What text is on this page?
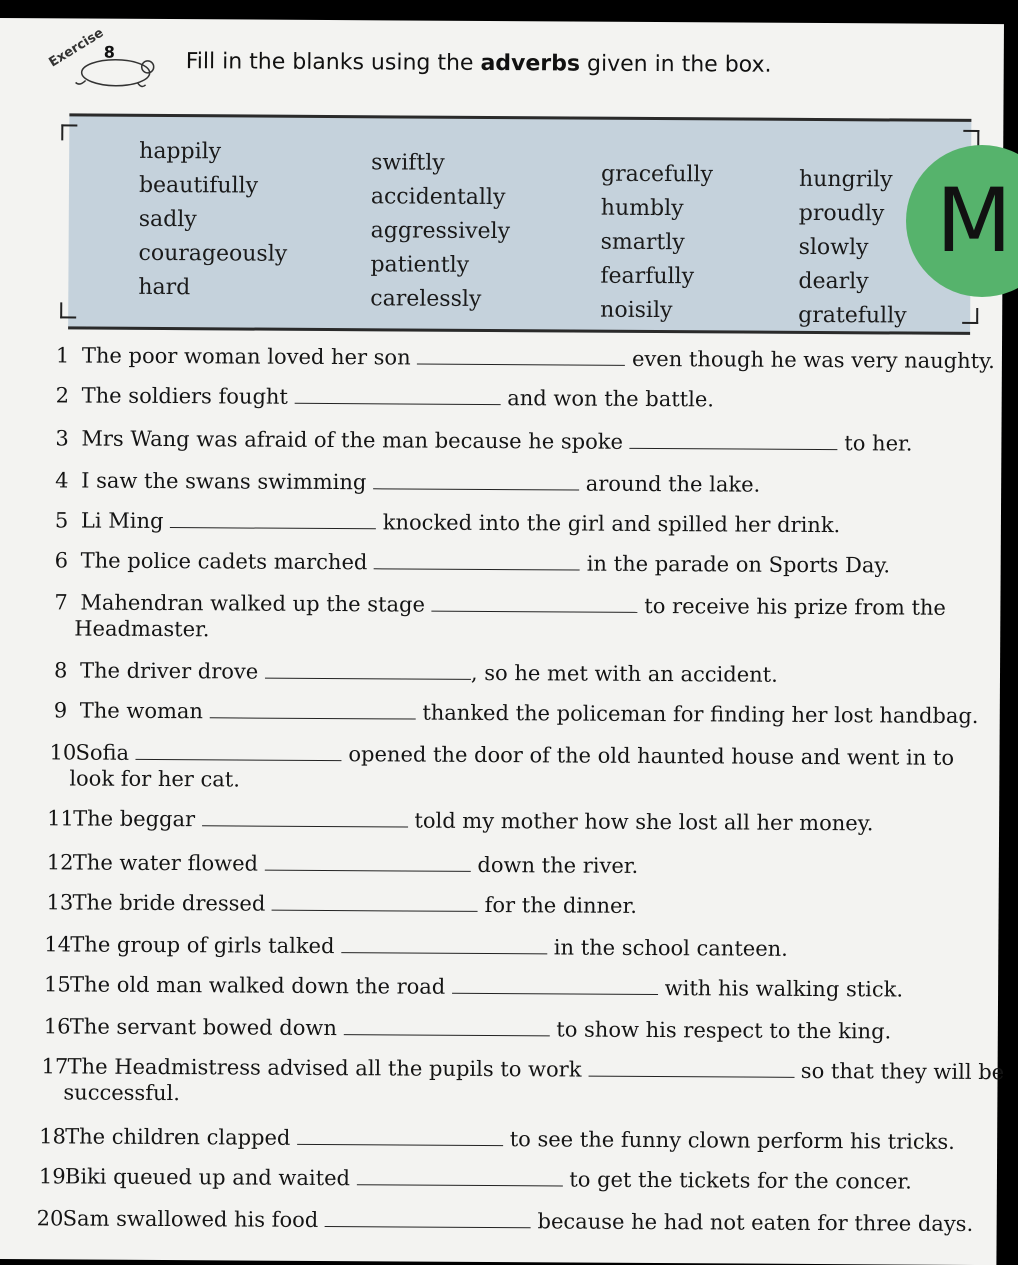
Exercise
8	Fill in the blanks using the adverbs given in the box.
happily
beautifully
sadly
courageously
hard
swiftly
accidentally
aggressively
patiently
carelessly
gracefully
humbly
smartly
fearfully
noisily
hungrily
proudly
slowly
dearly
gratefully
1 The poor woman loved her son	even though he was very naughty.
2 The soldiers fought	and won the battle.
3 Mrs Wang was afraid of the man because he spoke	to her.
4 I saw the swans swimming	around the lake.
5 Li Ming	knocked into the girl and spilled her drink.
6 The police cadets marched	in the parade on Sports Day.
7 Mahendran walked up the stage	to receive his prize from the
Headmaster.
8 The driver drove	, so he met with an accident.
9 The woman	thanked the policeman for finding her lost handbag.
10Sofia	opened the door of the old haunted house and went in to
look for her cat.
11The beggar	told my mother how she lost all her money.
12The water flowed	down the river.
13The bride dressed	for the dinner.
14The group of girls talked	in the school canteen.
15The old man walked down the road	with his walking stick.
16The servant bowed down	to show his respect to the king.
17The Headmistress advised all the pupils to work	so that they will be
successful.
18The children clapped	to see the funny clown perform his tricks.
19Biki queued up and waited	to get the tickets for the concer.
20Sam swallowed his food	because he had not eaten for three days.
M
